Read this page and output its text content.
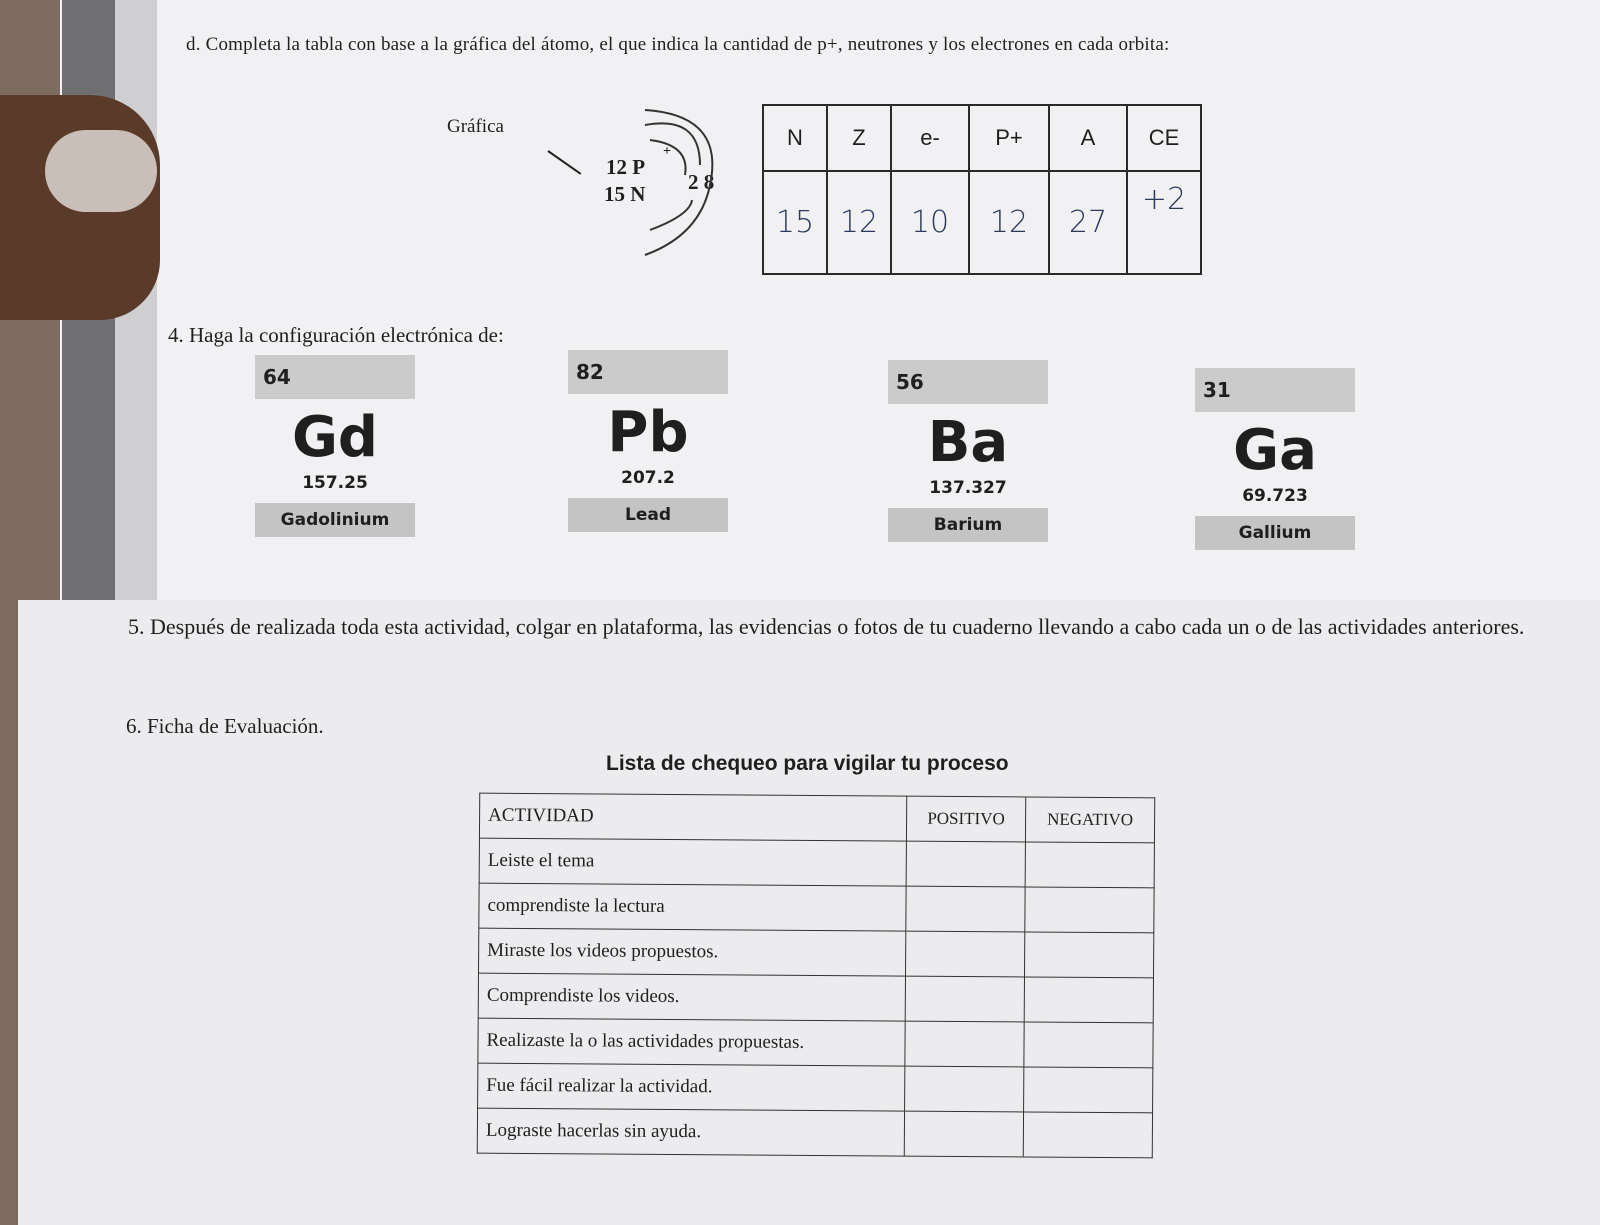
d. Completa la tabla con base a la gráfica del átomo, el que indica la cantidad de p+, neutrones y los electrones en cada orbita:
Gráfica
12 P
+
15 N 2 8
N	Z	e-	P+	A	CE
15	12	10	12	27	+2
4. Haga la configuración electrónica de:
64
Gd
157.25
Gadolinium
82
Pb
207.2
Lead
56
Ba
137.327
Barium
31
Ga
69.723
Gallium
5. Después de realizada toda esta actividad, colgar en plataforma, las evidencias o fotos de tu cuaderno llevando a cabo cada un o de las actividades anteriores.
6. Ficha de Evaluación.
Lista de chequeo para vigilar tu proceso
ACTIVIDAD	POSITIVO	NEGATIVO
Leiste el tema		
comprendiste la lectura		
Miraste los videos propuestos.		
Comprendiste los videos.		
Realizaste la o las actividades propuestas.		
Fue fácil realizar la actividad.		
Lograste hacerlas sin ayuda.		
